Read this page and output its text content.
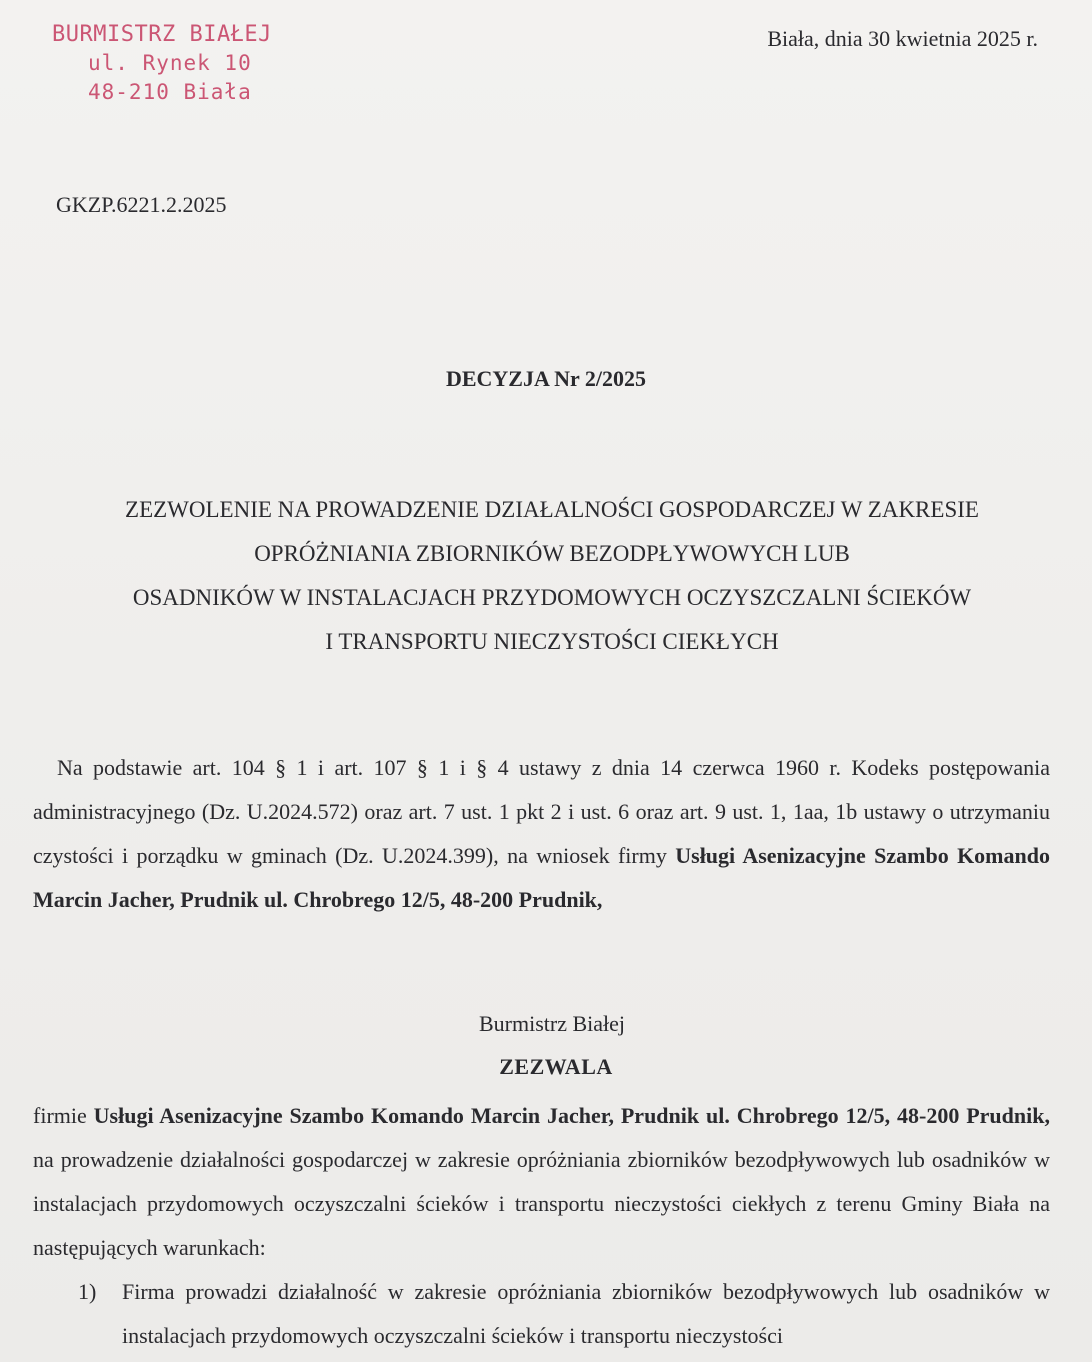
BURMISTRZ BIAŁEJ
ul. Rynek 10
48-210 Biała
Biała, dnia 30 kwietnia 2025 r.
GKZP.6221.2.2025
DECYZJA Nr 2/2025
ZEZWOLENIE NA PROWADZENIE DZIAŁALNOŚCI GOSPODARCZEJ W ZAKRESIE
OPRÓŻNIANIA ZBIORNIKÓW BEZODPŁYWOWYCH LUB
OSADNIKÓW W INSTALACJACH PRZYDOMOWYCH OCZYSZCZALNI ŚCIEKÓW
I TRANSPORTU NIECZYSTOŚCI CIEKŁYCH

Na podstawie art. 104 § 1 i art. 107 § 1 i § 4 ustawy z dnia 14 czerwca 1960 r. Kodeks postępowania administracyjnego (Dz. U.2024.572) oraz art. 7 ust. 1 pkt 2 i ust. 6 oraz art. 9 ust. 1, 1aa, 1b ustawy o utrzymaniu czystości i porządku w gminach (Dz. U.2024.399), na wniosek firmy Usługi Asenizacyjne Szambo Komando Marcin Jacher, Prudnik ul. Chrobrego 12/5, 48-200 Prudnik,

Burmistrz Białej
ZEZWALA

firmie Usługi Asenizacyjne Szambo Komando Marcin Jacher, Prudnik ul. Chrobrego 12/5, 48-200 Prudnik, na prowadzenie działalności gospodarczej w zakresie opróżniania zbiorników bezodpływowych lub osadników w instalacjach przydomowych oczyszczalni ścieków i transportu nieczystości ciekłych z terenu Gminy Biała na następujących warunkach:

1) Firma prowadzi działalność w zakresie opróżniania zbiorników bezodpływowych lub osadników w instalacjach przydomowych oczyszczalni ścieków i transportu nieczystości
